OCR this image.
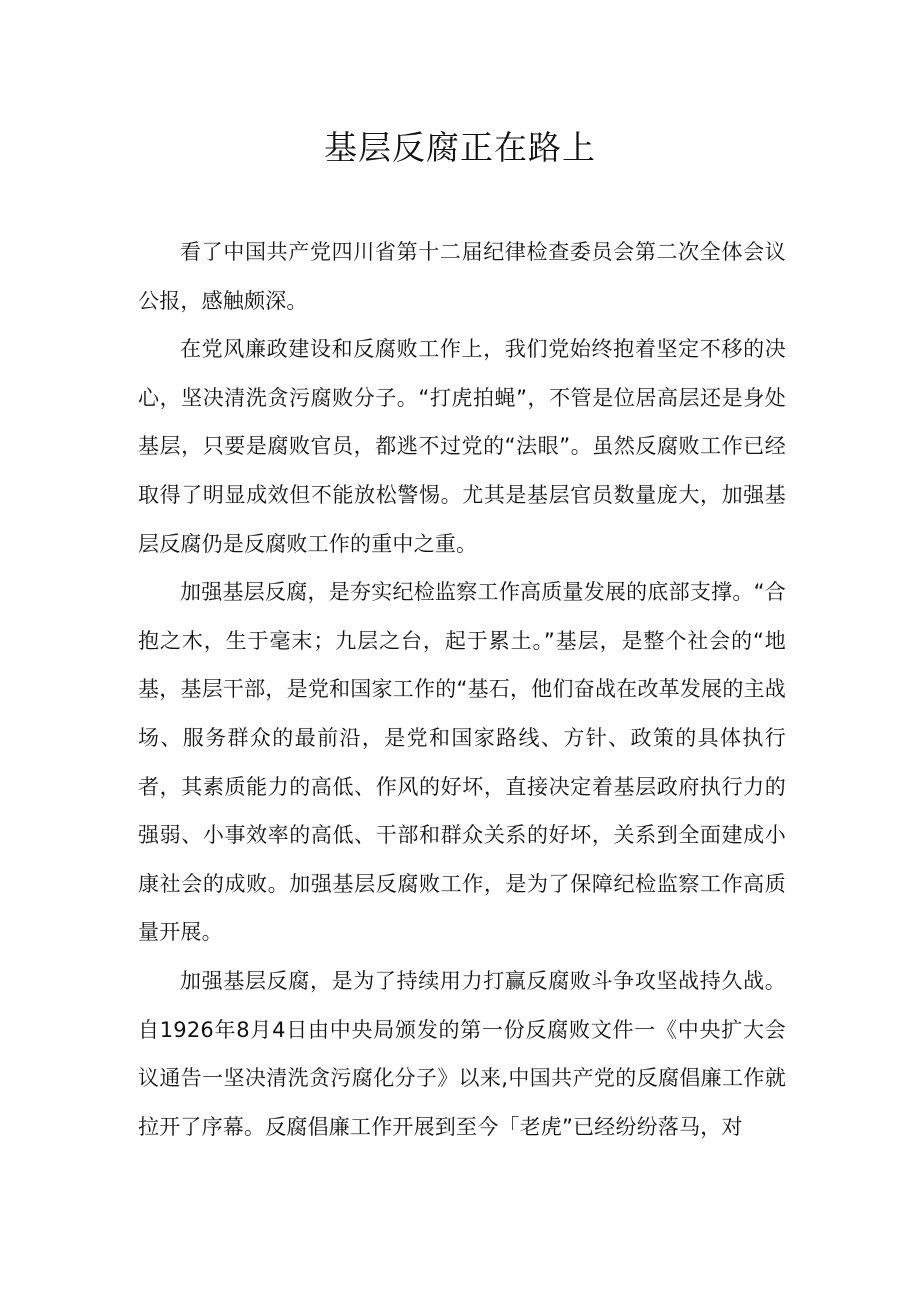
基层反腐正在路上

看了中国共产党四川省第十二届纪律检查委员会第二次全体会议公报，感触颇深。

在党风廉政建设和反腐败工作上，我们党始终抱着坚定不移的决心，坚决清洗贪污腐败分子。“打虎拍蝇”，不管是位居高层还是身处基层，只要是腐败官员，都逃不过党的“法眼”。虽然反腐败工作已经取得了明显成效但不能放松警惕。尤其是基层官员数量庞大，加强基层反腐仍是反腐败工作的重中之重。

加强基层反腐，是夯实纪检监察工作高质量发展的底部支撑。“合抱之木，生于毫末；九层之台，起于累土。”基层，是整个社会的“地基，基层干部，是党和国家工作的“基石，他们奋战在改革发展的主战场、服务群众的最前沿，是党和国家路线、方针、政策的具体执行者，其素质能力的高低、作风的好坏，直接决定着基层政府执行力的强弱、小事效率的高低、干部和群众关系的好坏，关系到全面建成小康社会的成败。加强基层反腐败工作，是为了保障纪检监察工作高质量开展。

加强基层反腐，是为了持续用力打赢反腐败斗争攻坚战持久战。自1926年8月4日由中央局颁发的第一份反腐败文件一《中央扩大会议通告一坚决清洗贪污腐化分子》以来,中国共产党的反腐倡廉工作就拉开了序幕。反腐倡廉工作开展到至今「老虎”已经纷纷落马，对
